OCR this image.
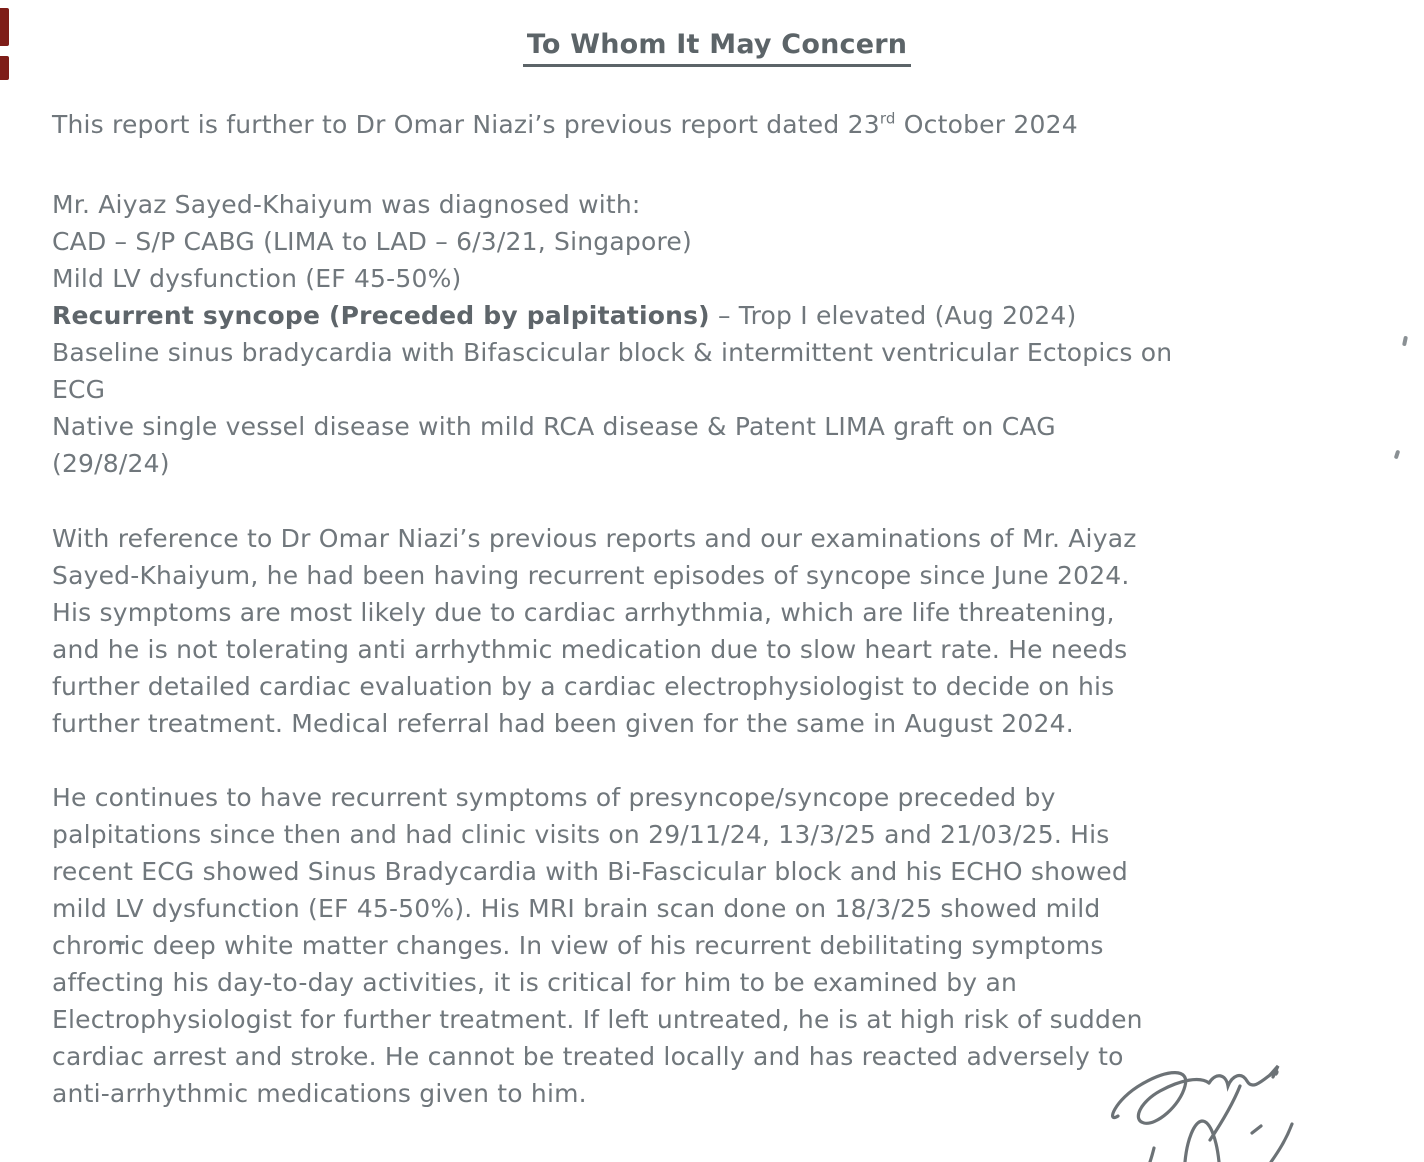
To Whom It May Concern
This report is further to Dr Omar Niazi’s previous report dated 23rd October 2024
Mr. Aiyaz Sayed-Khaiyum was diagnosed with:
CAD – S/P CABG (LIMA to LAD – 6/3/21, Singapore)
Mild LV dysfunction (EF 45-50%)
Recurrent syncope (Preceded by palpitations) – Trop I elevated (Aug 2024)
Baseline sinus bradycardia with Bifascicular block & intermittent ventricular Ectopics on
ECG
Native single vessel disease with mild RCA disease & Patent LIMA graft on CAG
(29/8/24)
With reference to Dr Omar Niazi’s previous reports and our examinations of Mr. Aiyaz
Sayed-Khaiyum, he had been having recurrent episodes of syncope since June 2024.
His symptoms are most likely due to cardiac arrhythmia, which are life threatening,
and he is not tolerating anti arrhythmic medication due to slow heart rate. He needs
further detailed cardiac evaluation by a cardiac electrophysiologist to decide on his
further treatment. Medical referral had been given for the same in August 2024.
He continues to have recurrent symptoms of presyncope/syncope preceded by
palpitations since then and had clinic visits on 29/11/24, 13/3/25 and 21/03/25. His
recent ECG showed Sinus Bradycardia with Bi-Fascicular block and his ECHO showed
mild LV dysfunction (EF 45-50%). His MRI brain scan done on 18/3/25 showed mild
chronic deep white matter changes. In view of his recurrent debilitating symptoms
affecting his day-to-day activities, it is critical for him to be examined by an
Electrophysiologist for further treatment. If left untreated, he is at high risk of sudden
cardiac arrest and stroke. He cannot be treated locally and has reacted adversely to
anti-arrhythmic medications given to him.
